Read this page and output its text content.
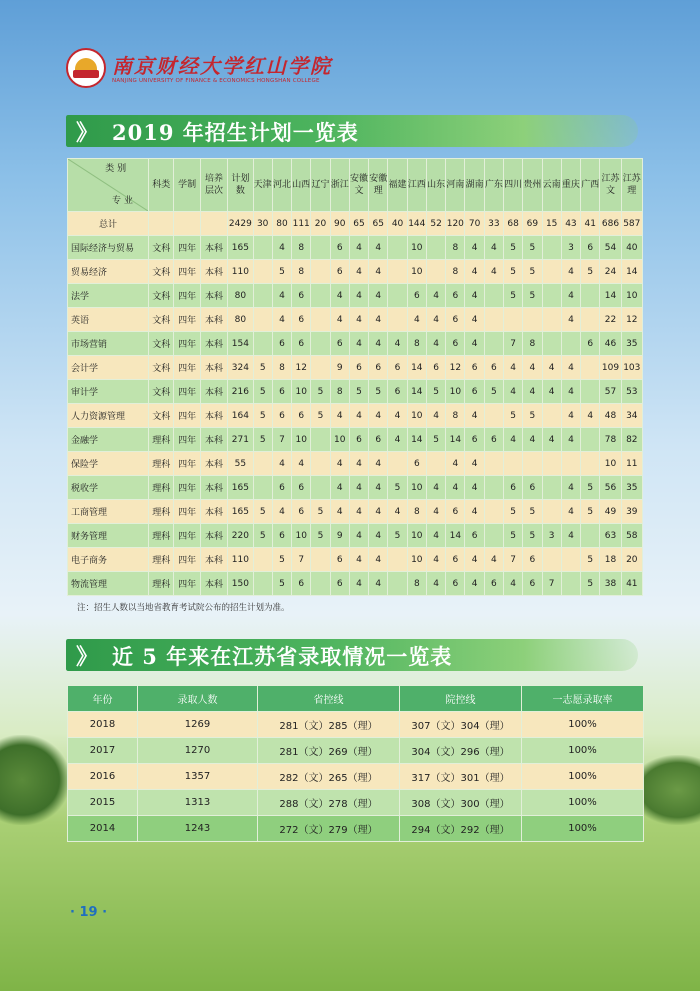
南京财经大学红山学院
NANJING UNIVERSITY OF FINANCE & ECONOMICS HONGSHAN COLLEGE
》 2019 年招生计划一览表
类 别
专 业	科类	学制	培养层次	计划数	天津	河北	山西	辽宁	浙江	安徽文	安徽理	福建	江西	山东	河南	湖南	广东	四川	贵州	云南	重庆	广西	江苏文	江苏理
总计				2429	30	80	111	20	90	65	65	40	144	52	120	70	33	68	69	15	43	41	686	587
国际经济与贸易	文科	四年	本科	165		4	8		6	4	4		10		8	4	4	5	5		3	6	54	40
贸易经济	文科	四年	本科	110		5	8		6	4	4		10		8	4	4	5	5		4	5	24	14
法学	文科	四年	本科	80		4	6		4	4	4		6	4	6	4		5	5		4		14	10
英语	文科	四年	本科	80		4	6		4	4	4		4	4	6	4					4		22	12
市场营销	文科	四年	本科	154		6	6		6	4	4	4	8	4	6	4		7	8			6	46	35
会计学	文科	四年	本科	324	5	8	12		9	6	6	6	14	6	12	6	6	4	4	4	4		109	103
审计学	文科	四年	本科	216	5	6	10	5	8	5	5	6	14	5	10	6	5	4	4	4	4		57	53
人力资源管理	文科	四年	本科	164	5	6	6	5	4	4	4	4	10	4	8	4		5	5		4	4	48	34
金融学	理科	四年	本科	271	5	7	10		10	6	6	4	14	5	14	6	6	4	4	4	4		78	82
保险学	理科	四年	本科	55		4	4		4	4	4		6		4	4							10	11
税收学	理科	四年	本科	165		6	6		4	4	4	5	10	4	4	4		6	6		4	5	56	35
工商管理	理科	四年	本科	165	5	4	6	5	4	4	4	4	8	4	6	4		5	5		4	5	49	39
财务管理	理科	四年	本科	220	5	6	10	5	9	4	4	5	10	4	14	6		5	5	3	4		63	58
电子商务	理科	四年	本科	110		5	7		6	4	4		10	4	6	4	4	7	6			5	18	20
物流管理	理科	四年	本科	150		5	6		6	4	4		8	4	6	4	6	4	6	7		5	38	41
注：招生人数以当地省教育考试院公布的招生计划为准。
》 近 5 年来在江苏省录取情况一览表
年份	录取人数	省控线	院控线	一志愿录取率
2018	1269	281（文）285（理）	307（文）304（理）	100%
2017	1270	281（文）269（理）	304（文）296（理）	100%
2016	1357	282（文）265（理）	317（文）301（理）	100%
2015	1313	288（文）278（理）	308（文）300（理）	100%
2014	1243	272（文）279（理）	294（文）292（理）	100%
· 19 ·
